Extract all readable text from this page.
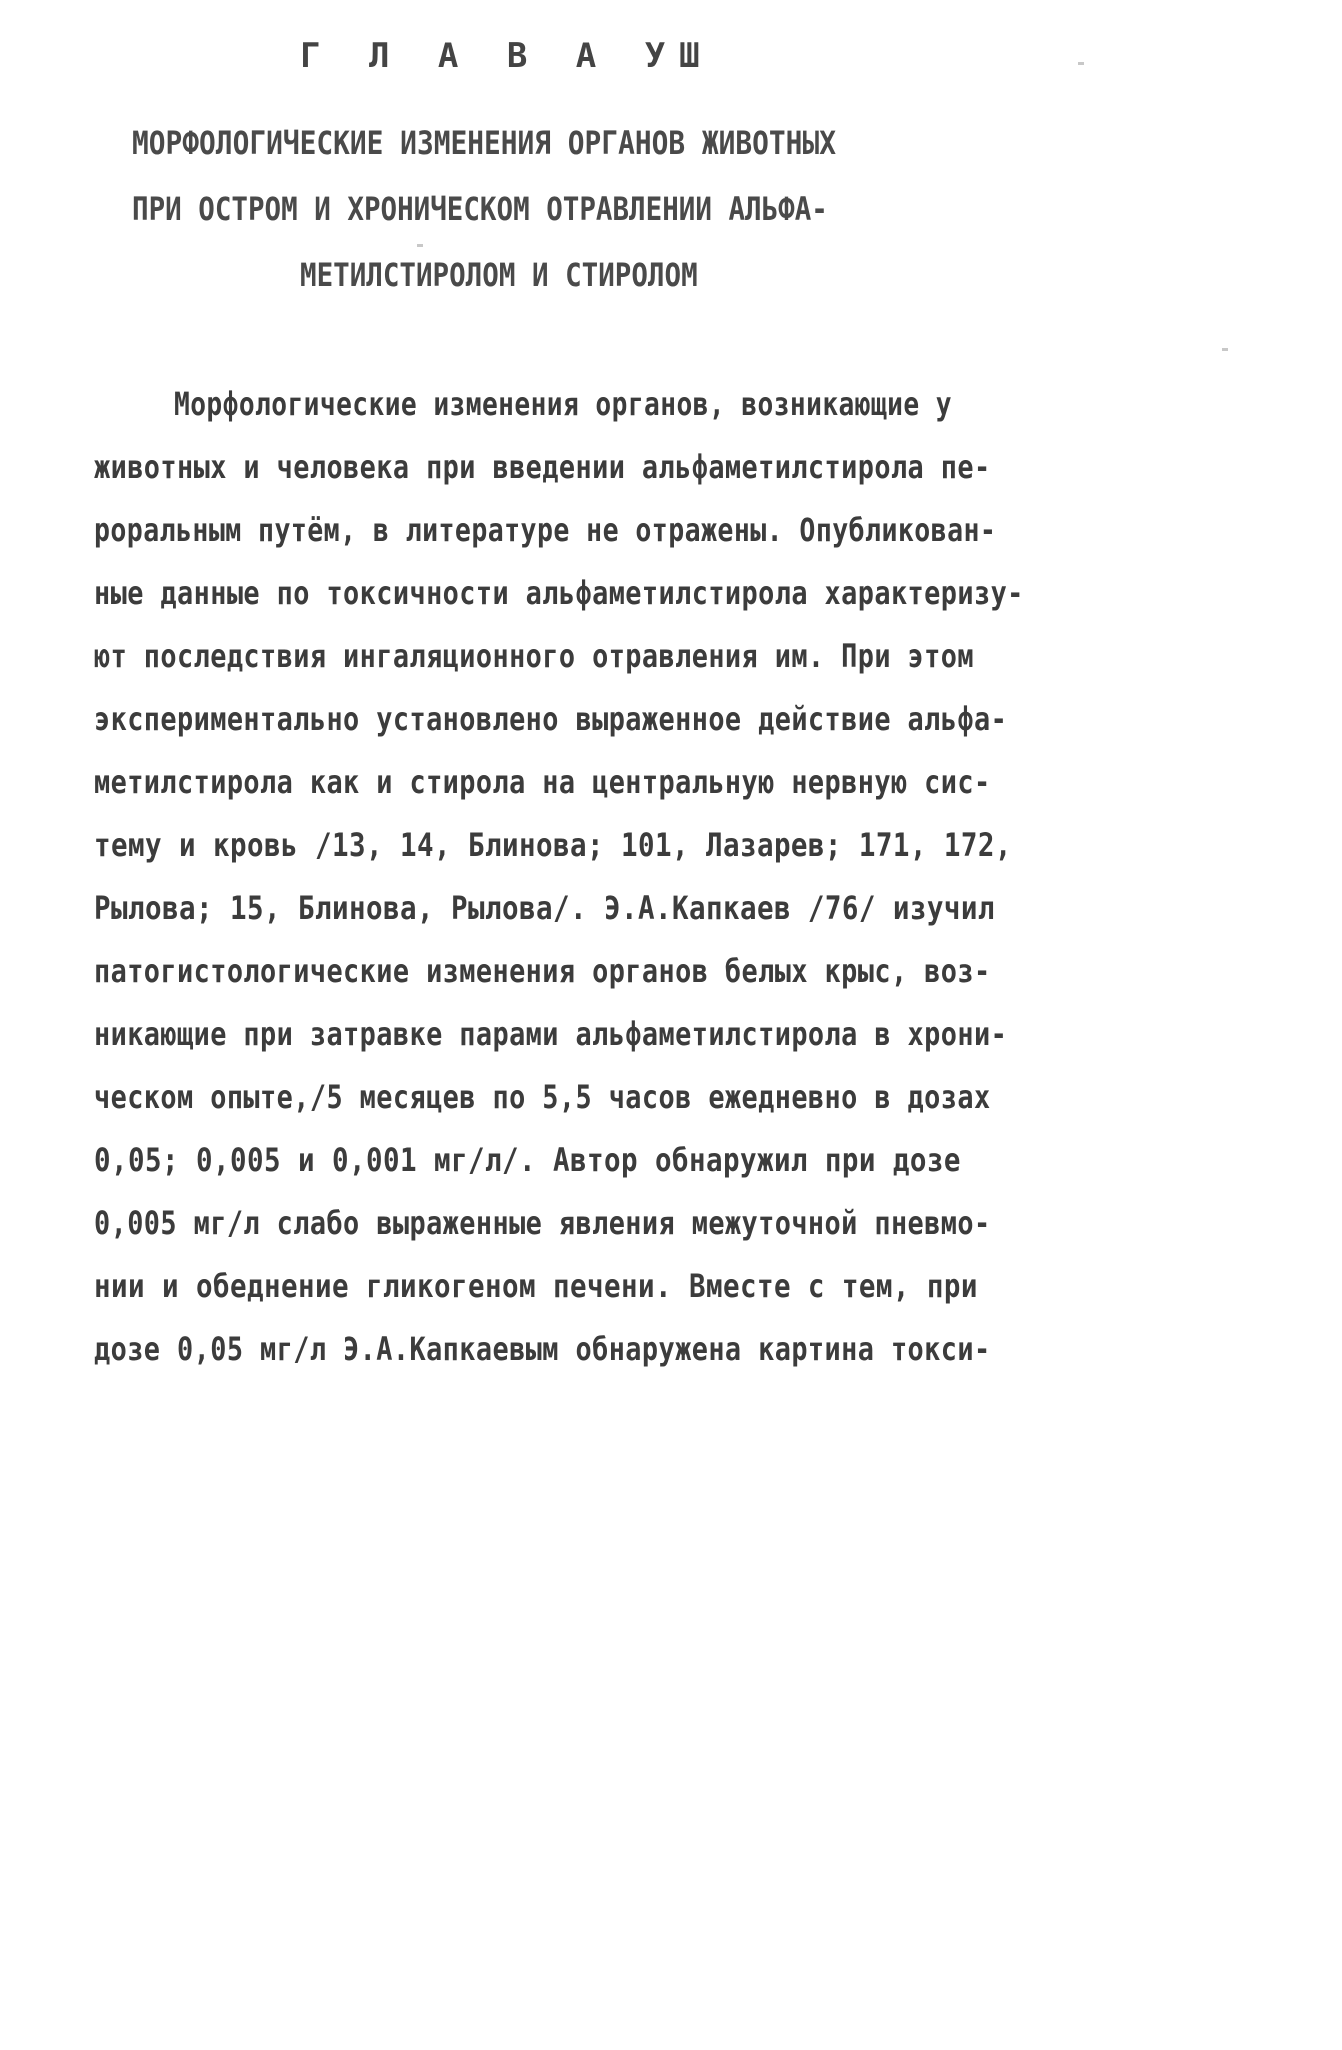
Г Л А В А УШ
МОРФОЛОГИЧЕСКИЕ ИЗМЕНЕНИЯ ОРГАНОВ ЖИВОТНЫХ
ПРИ ОСТРОМ И ХРОНИЧЕСКОМ ОТРАВЛЕНИИ АЛЬФА-
МЕТИЛСТИРОЛОМ И СТИРОЛОМ
Морфологические изменения органов, возникающие у
животных и человека при введении альфаметилстирола пе-
роральным путём, в литературе не отражены. Опубликован-
ные данные по токсичности альфаметилстирола характеризу-
ют последствия ингаляционного отравления им. При этом
экспериментально установлено выраженное действие альфа-
метилстирола как и стирола на центральную нервную сис-
тему и кровь /13, 14, Блинова; 101, Лазарев; 171, 172,
Рылова; 15, Блинова, Рылова/. Э.А.Капкаев /76/ изучил
патогистологические изменения органов белых крыс, воз-
никающие при затравке парами альфаметилстирола в хрони-
ческом опыте,/5 месяцев по 5,5 часов ежедневно в дозах
0,05; 0,005 и 0,001 мг/л/. Автор обнаружил при дозе
0,005 мг/л слабо выраженные явления межуточной пневмо-
нии и обеднение гликогеном печени. Вместе с тем, при
дозе 0,05 мг/л Э.А.Капкаевым обнаружена картина токси-
